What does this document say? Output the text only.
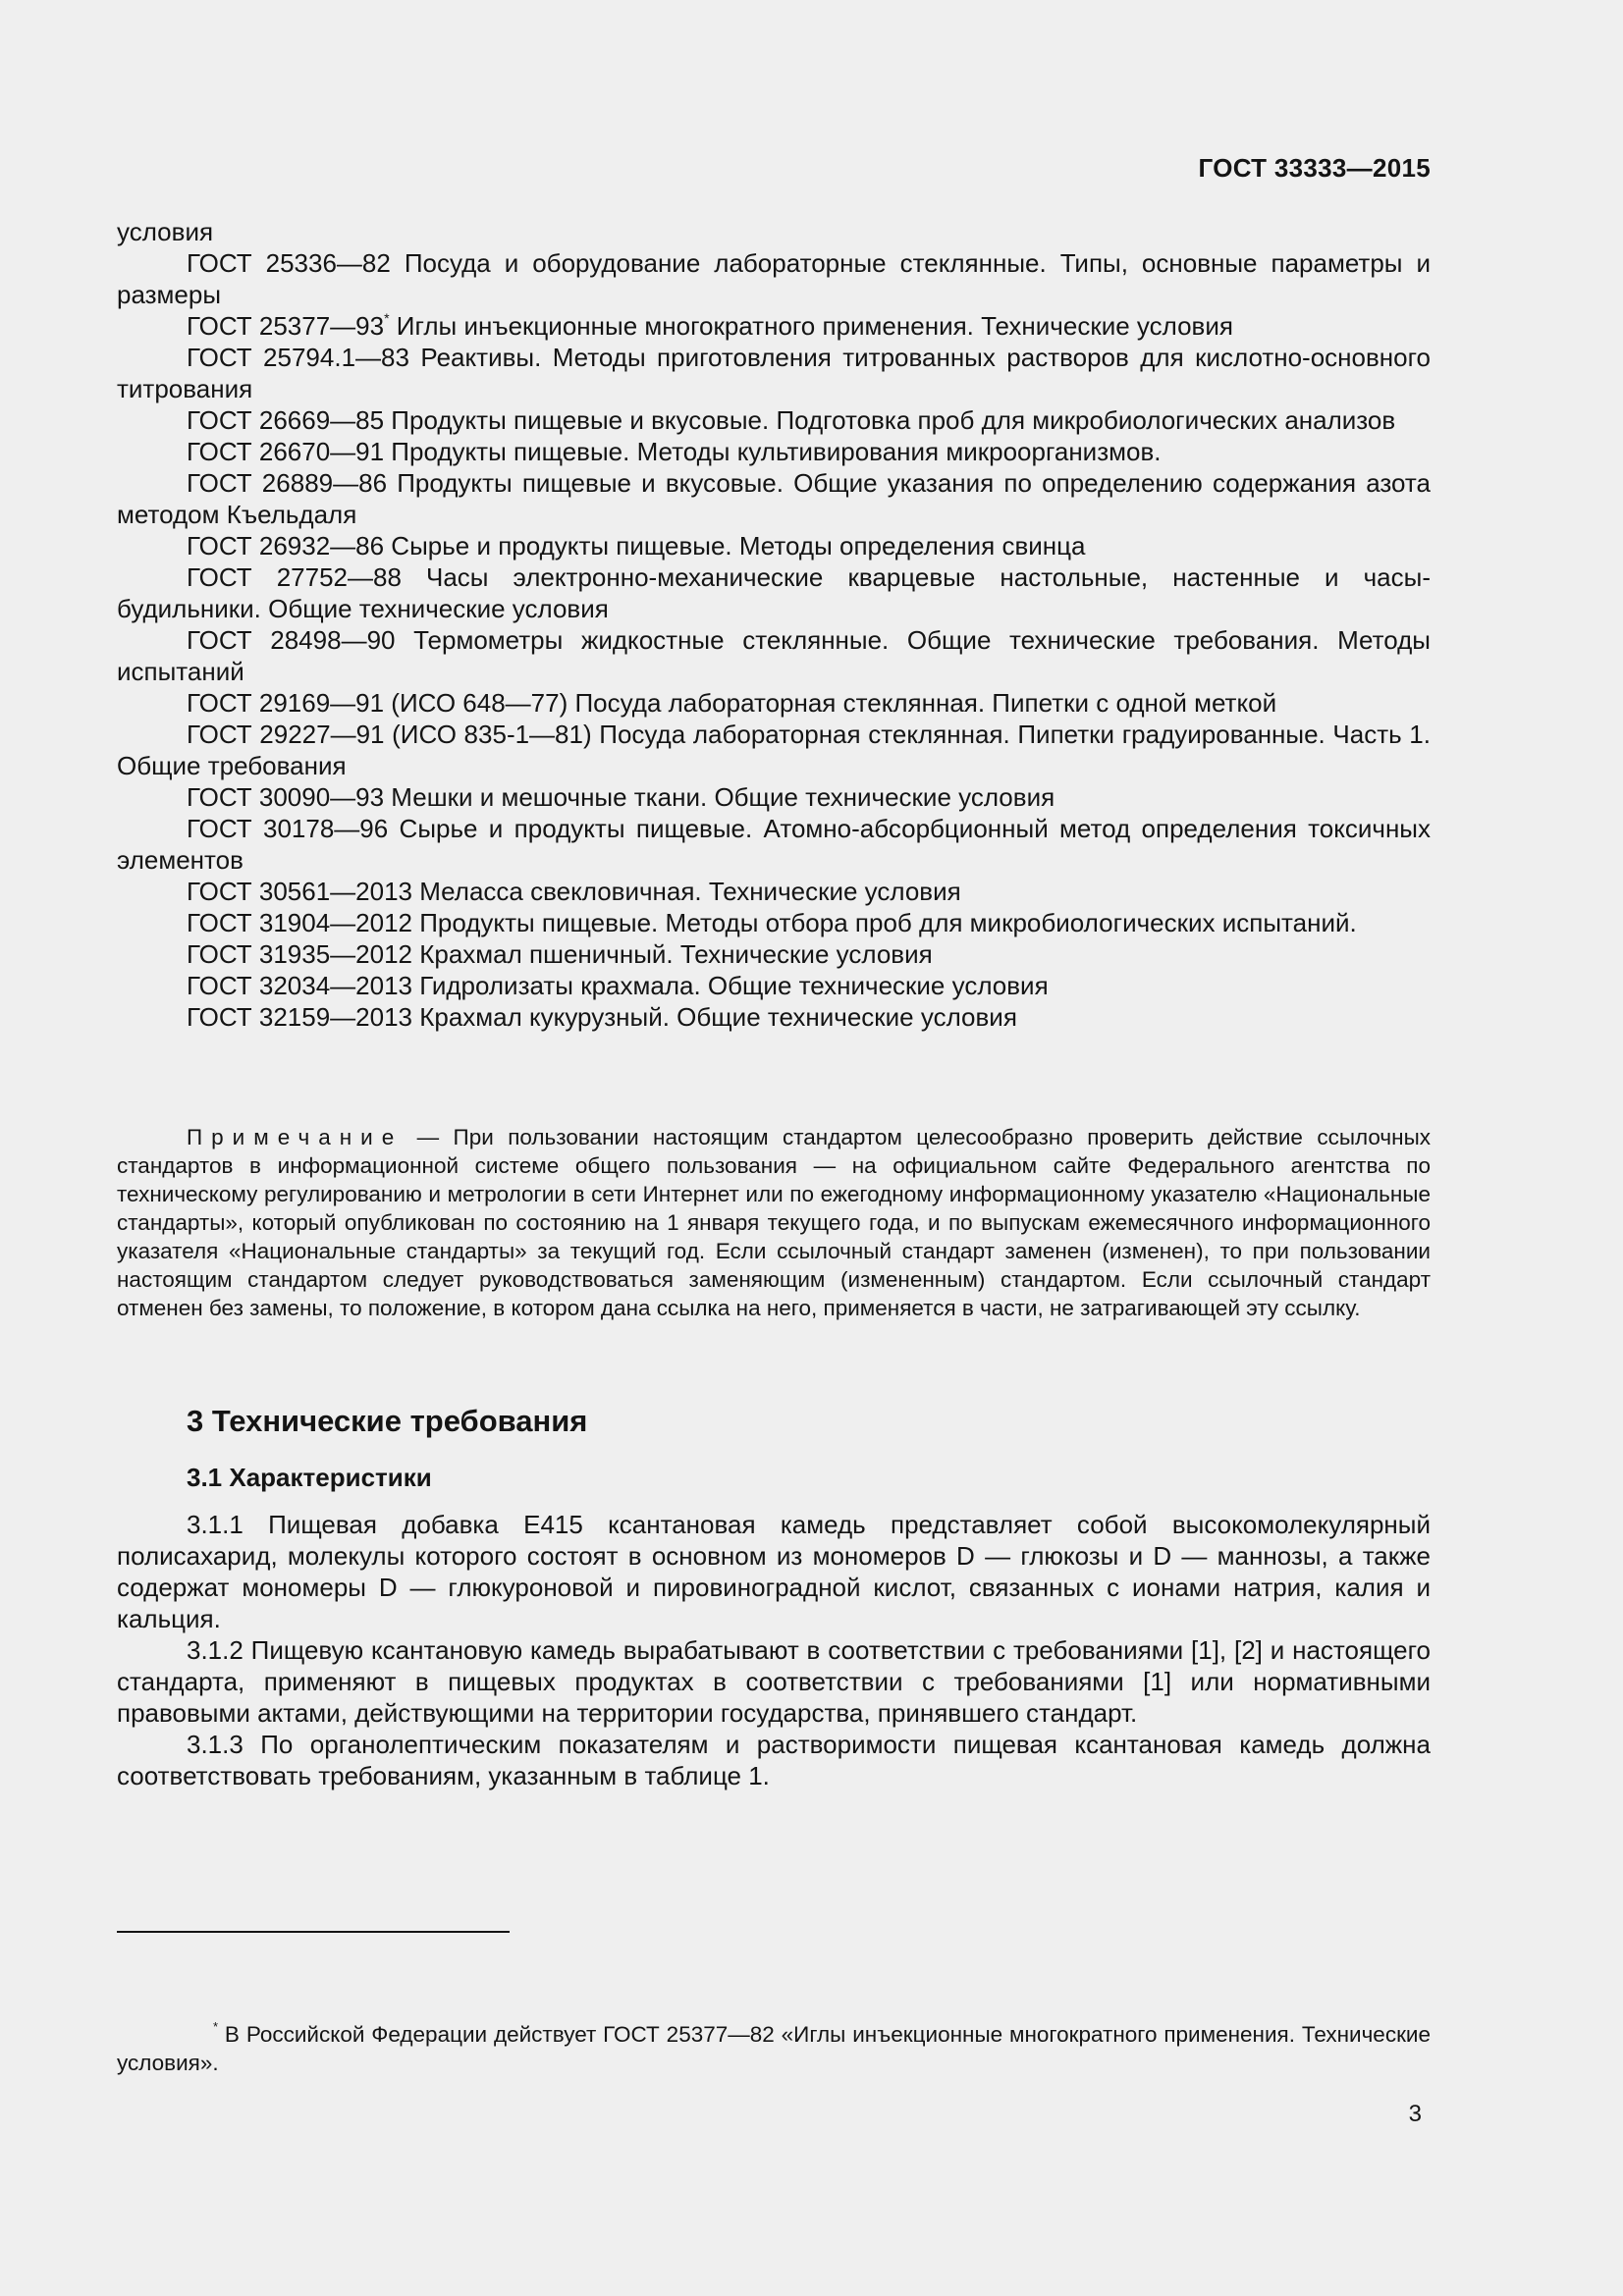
ГОСТ 33333—2015

условия

ГОСТ 25336—82 Посуда и оборудование лабораторные стеклянные. Типы, основные параметры и размеры

ГОСТ 25377—93* Иглы инъекционные многократного применения. Технические условия

ГОСТ 25794.1—83 Реактивы. Методы приготовления титрованных растворов для кислотно-основного титрования

ГОСТ 26669—85 Продукты пищевые и вкусовые. Подготовка проб для микробиологических анализов

ГОСТ 26670—91 Продукты пищевые. Методы культивирования микроорганизмов.

ГОСТ 26889—86 Продукты пищевые и вкусовые. Общие указания по определению содержания азота методом Къельдаля

ГОСТ 26932—86 Сырье и продукты пищевые. Методы определения свинца

ГОСТ 27752—88 Часы электронно-механические кварцевые настольные, настенные и часы-будильники. Общие технические условия

ГОСТ 28498—90 Термометры жидкостные стеклянные. Общие технические требования. Методы испытаний

ГОСТ 29169—91 (ИСО 648—77) Посуда лабораторная стеклянная. Пипетки с одной меткой

ГОСТ 29227—91 (ИСО 835-1—81) Посуда лабораторная стеклянная. Пипетки градуированные. Часть 1. Общие требования

ГОСТ 30090—93 Мешки и мешочные ткани. Общие технические условия

ГОСТ 30178—96 Сырье и продукты пищевые. Атомно-абсорбционный метод определения токсичных элементов

ГОСТ 30561—2013 Меласса свекловичная. Технические условия

ГОСТ 31904—2012 Продукты пищевые. Методы отбора проб для микробиологических испытаний.

ГОСТ 31935—2012 Крахмал пшеничный. Технические условия

ГОСТ 32034—2013 Гидролизаты крахмала. Общие технические условия

ГОСТ 32159—2013 Крахмал кукурузный. Общие технические условия

Примечание — При пользовании настоящим стандартом целесообразно проверить действие ссылочных стандартов в информационной системе общего пользования — на официальном сайте Федерального агентства по техническому регулированию и метрологии в сети Интернет или по ежегодному информационному указателю «Национальные стандарты», который опубликован по состоянию на 1 января текущего года, и по выпускам ежемесячного информационного указателя «Национальные стандарты» за текущий год. Если ссылочный стандарт заменен (изменен), то при пользовании настоящим стандартом следует руководствоваться заменяющим (измененным) стандартом. Если ссылочный стандарт отменен без замены, то положение, в котором дана ссылка на него, применяется в части, не затрагивающей эту ссылку.
3 Технические требования
3.1 Характеристики

3.1.1 Пищевая добавка Е415 ксантановая камедь представляет собой высокомолекулярный полисахарид, молекулы которого состоят в основном из мономеров D — глюкозы и D — маннозы, а также содержат мономеры D — глюкуроновой и пировиноградной кислот, связанных с ионами натрия, калия и кальция.

3.1.2 Пищевую ксантановую камедь вырабатывают в соответствии с требованиями [1], [2] и настоящего стандарта, применяют в пищевых продуктах в соответствии с требованиями [1] или нормативными правовыми актами, действующими на территории государства, принявшего стандарт.

3.1.3 По органолептическим показателям и растворимости пищевая ксантановая камедь должна соответствовать требованиям, указанным в таблице 1.

* В Российской Федерации действует ГОСТ 25377—82 «Иглы инъекционные многократного применения. Технические условия».
3
